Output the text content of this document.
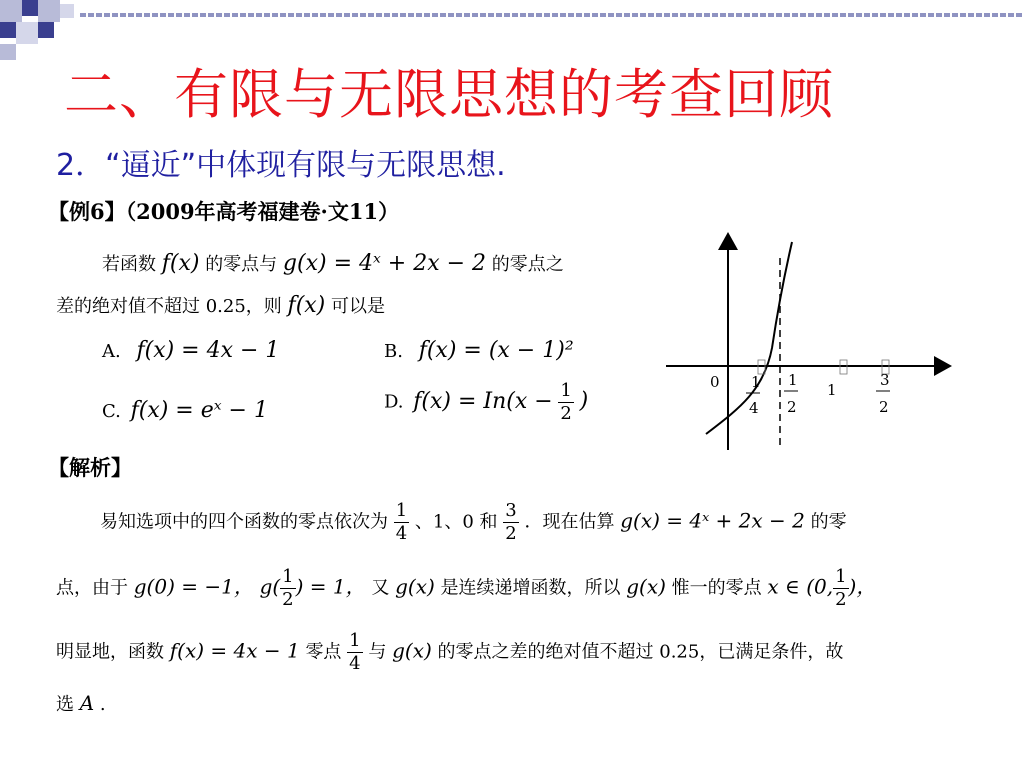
二、有限与无限思想的考查回顾
2．“逼近”中体现有限与无限思想.
【例6】（2009年高考福建卷·文11）
若函数 f(x) 的零点与 g(x) = 4ˣ + 2x − 2 的零点之
差的绝对值不超过 0.25，则 f(x) 可以是
A. f(x) = 4x − 1	B. f(x) = (x − 1)²
C. f(x) = eˣ − 1	D. $f(x) = In(x - \frac{1}{2}$ )
0 1
4
1
2
1
3
2
【解析】
易知选项中的四个函数的零点依次为 $\frac{1}{4}$ 、1、0 和 $\frac{3}{2}$ ．现在估算 g(x) = 4ˣ + 2x − 2 的零
点，由于 g(0) = −1， $g( \frac{1}{2}$ ) = 1， 又 g(x) 是连续递增函数，所以 g(x) 惟一的零点 x ∈ (0, $\frac{1}{2}$ )，
明显地，函数 f(x) = 4x − 1 零点 $\frac{1}{4}$ 与 g(x) 的零点之差的绝对值不超过 0.25，已满足条件，故
选 A .
